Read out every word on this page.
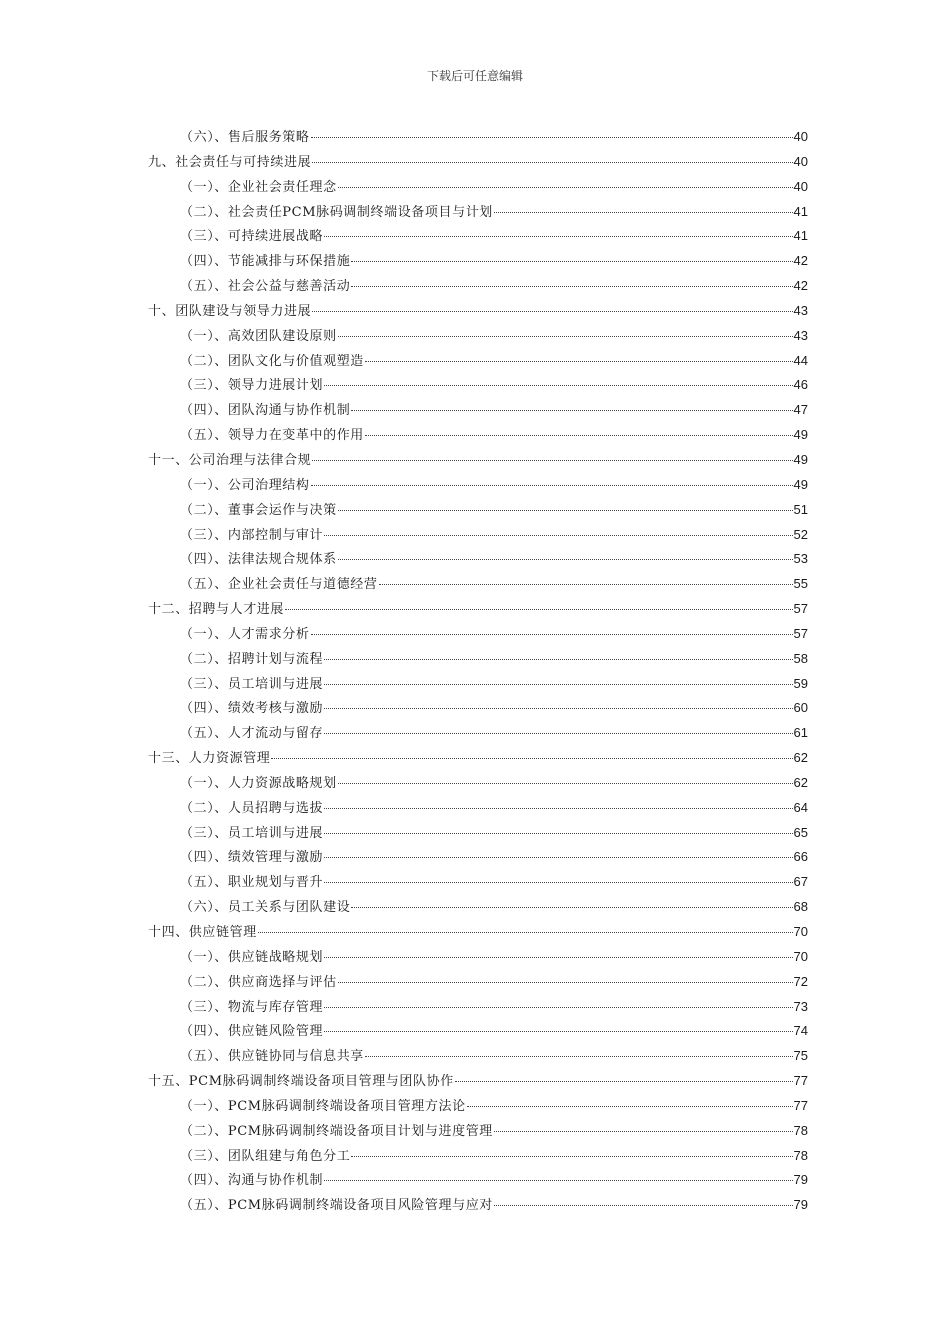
下载后可任意编辑
（六）、售后服务策略	40
九、社会责任与可持续进展	40
（一）、企业社会责任理念	40
（二）、社会责任PCM脉码调制终端设备项目与计划	41
（三）、可持续进展战略	41
（四）、节能减排与环保措施	42
（五）、社会公益与慈善活动	42
十、团队建设与领导力进展	43
（一）、高效团队建设原则	43
（二）、团队文化与价值观塑造	44
（三）、领导力进展计划	46
（四）、团队沟通与协作机制	47
（五）、领导力在变革中的作用	49
十一、公司治理与法律合规	49
（一）、公司治理结构	49
（二）、董事会运作与决策	51
（三）、内部控制与审计	52
（四）、法律法规合规体系	53
（五）、企业社会责任与道德经营	55
十二、招聘与人才进展	57
（一）、人才需求分析	57
（二）、招聘计划与流程	58
（三）、员工培训与进展	59
（四）、绩效考核与激励	60
（五）、人才流动与留存	61
十三、人力资源管理	62
（一）、人力资源战略规划	62
（二）、人员招聘与选拔	64
（三）、员工培训与进展	65
（四）、绩效管理与激励	66
（五）、职业规划与晋升	67
（六）、员工关系与团队建设	68
十四、供应链管理	70
（一）、供应链战略规划	70
（二）、供应商选择与评估	72
（三）、物流与库存管理	73
（四）、供应链风险管理	74
（五）、供应链协同与信息共享	75
十五、PCM脉码调制终端设备项目管理与团队协作	77
（一）、PCM脉码调制终端设备项目管理方法论	77
（二）、PCM脉码调制终端设备项目计划与进度管理	78
（三）、团队组建与角色分工	78
（四）、沟通与协作机制	79
（五）、PCM脉码调制终端设备项目风险管理与应对	79
